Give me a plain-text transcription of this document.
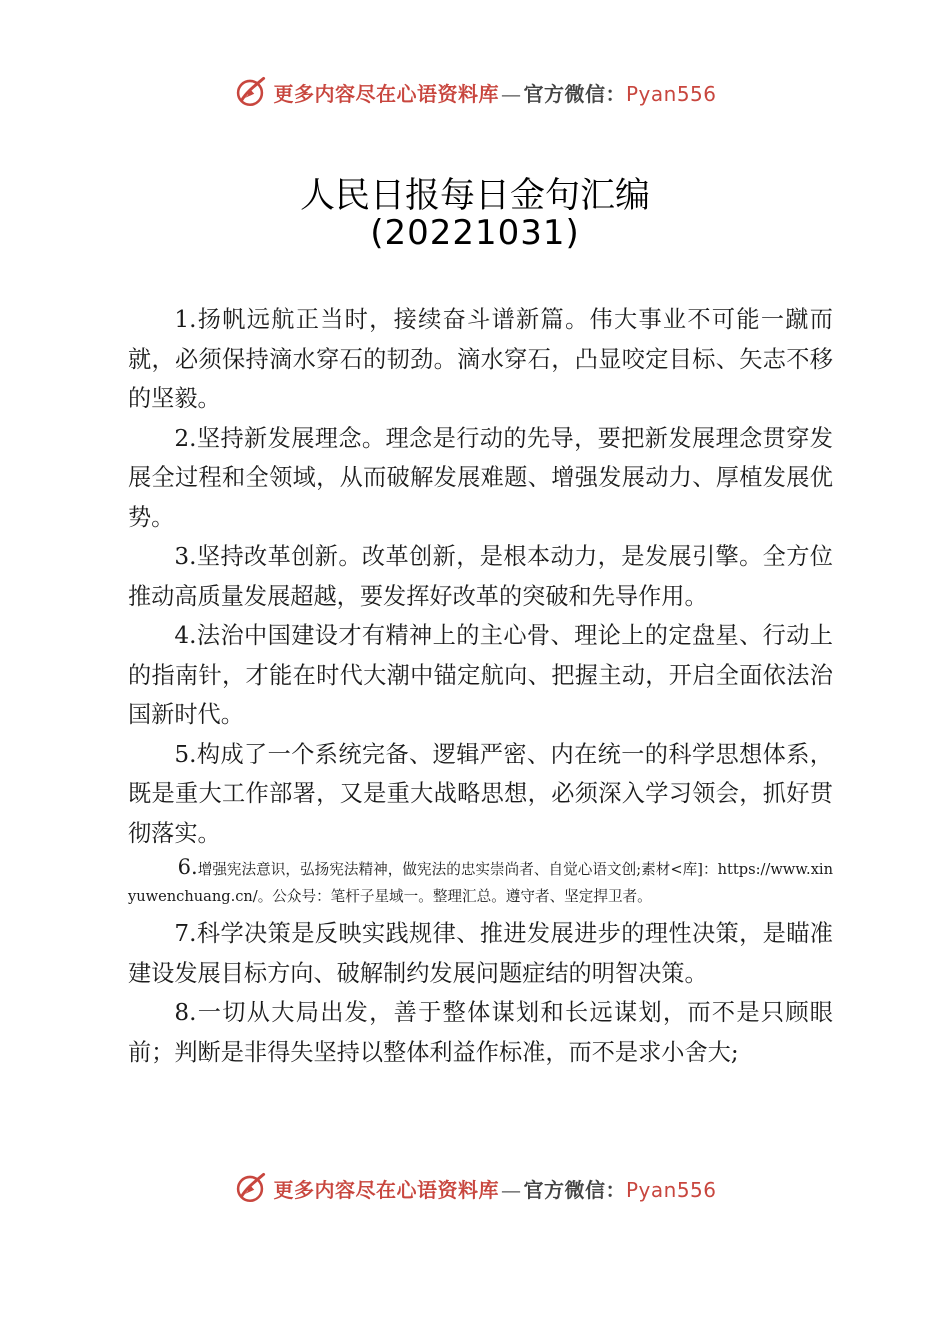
更多内容尽在心语资料库 — 官方微信：Pyan556
人民日报每日金句汇编
(20221031)

1.扬帆远航正当时，接续奋斗谱新篇。伟大事业不可能一蹴而就，必须保持滴水穿石的韧劲。滴水穿石，凸显咬定目标、矢志不移的坚毅。

2.坚持新发展理念。理念是行动的先导，要把新发展理念贯穿发展全过程和全领域，从而破解发展难题、增强发展动力、厚植发展优势。

3.坚持改革创新。改革创新，是根本动力，是发展引擎。全方位推动高质量发展超越，要发挥好改革的突破和先导作用。

4.法治中国建设才有精神上的主心骨、理论上的定盘星、行动上的指南针，才能在时代大潮中锚定航向、把握主动，开启全面依法治国新时代。

5.构成了一个系统完备、逻辑严密、内在统一的科学思想体系，既是重大工作部署，又是重大战略思想，必须深入学习领会，抓好贯彻落实。

6.增强宪法意识，弘扬宪法精神，做宪法的忠实崇尚者、自觉心语文创;素材<库]：https://www.xinyuwenchuang.cn/。公众号：笔杆子星域一。整理汇总。遵守者、坚定捍卫者。

7.科学决策是反映实践规律、推进发展进步的理性决策，是瞄准建设发展目标方向、破解制约发展问题症结的明智决策。

8.一切从大局出发，善于整体谋划和长远谋划，而不是只顾眼前；判断是非得失坚持以整体利益作标准，而不是求小舍大;

更多内容尽在心语资料库 — 官方微信：Pyan556
